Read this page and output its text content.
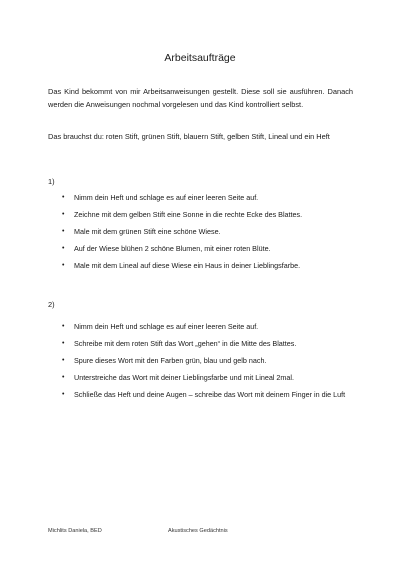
Arbeitsaufträge
Das Kind bekommt von mir Arbeitsanweisungen gestellt. Diese soll sie ausführen. Danach werden die Anweisungen nochmal vorgelesen und das Kind kontrolliert selbst.
Das brauchst du: roten Stift, grünen Stift, blauern Stift, gelben Stift, Lineal und ein Heft
1)
• Nimm dein Heft und schlage es auf einer leeren Seite auf.
• Zeichne mit dem gelben Stift eine Sonne in die rechte Ecke des Blattes.
• Male mit dem grünen Stift eine schöne Wiese.
• Auf der Wiese blühen 2 schöne Blumen, mit einer roten Blüte.
• Male mit dem Lineal auf diese Wiese ein Haus in deiner Lieblingsfarbe.
2)
• Nimm dein Heft und schlage es auf einer leeren Seite auf.
• Schreibe mit dem roten Stift das Wort „gehen“ in die Mitte des Blattes.
• Spure dieses Wort mit den Farben grün, blau und gelb nach.
• Unterstreiche das Wort mit deiner Lieblingsfarbe und mit Lineal 2mal.
• Schließe das Heft und deine Augen – schreibe das Wort mit deinem Finger in die Luft
Michlits Daniela, BED	Akustisches Gedächtnis
